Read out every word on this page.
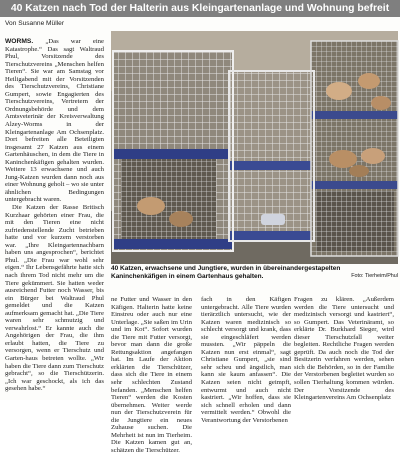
40 Katzen nach Tod der Halterin aus Kleingartenanlage und Wohnung befreit
Von Susanne Müller

WORMS. „Das war eine Katastrophe.“ Das sagt Waltraud Phul, Vorsitzende des Tierschutzvereins „Menschen helfen Tieren“. Sie war am Samstag vor Heiligabend mit der Vorsitzenden des Tierschutzvereins, Christiane Gumpert, sowie Engagierten des Tierschutzvereins, Vertretern der Ordnungsbehörde und dem Amtsveterinär der Kreisverwaltung Alzey-Worms in der Kleingartenanlage Am Ochsenplatz. Dort befreiten alle Beteiligten insgesamt 27 Katzen aus einem Gartenhäuschen, in dem die Tiere in Kaninchenkäfigen gehalten wurden. Weitere 13 erwachsene und auch Jung-Katzen wurden dann noch aus einer Wohnung geholt – wo sie unter ähnlichen Bedingungen untergebracht waren.

Die Katzen der Rasse Britisch Kurzhaar gehörten einer Frau, die mit den Tieren eine nicht zufriedenstellende Zucht betrieben hatte und vor kurzem verstorben war. „Ihre Kleingartennachbarn haben uns angesprochen“, berichtet Phul. „Die Frau war wohl sehr eigen.“ Ihr Lebensgefährte hatte sich nach ihrem Tod nicht mehr um die Tiere gekümmert. Sie hatten weder ausreichend Futter noch Wasser, bis ein Bürger bei Waltraud Phul gemeldet und die Katzen aufmerksam gemacht hat. „Die Tiere waren sehr schmutzig und verwahrlost.“ Er kannte auch die Angehörigen der Frau, die ihm erlaubt hatten, die Tiere zu versorgen, wenn er Tierschutz und Garten-haus betreten wollte. „Wir haben die Tiere dann zum Tierschutz gebracht“, so die Tierschützerin. „Ich war geschockt, als ich das gesehen habe.“

40 Katzen, erwachsene und Jungtiere, wurden in übereinandergestapelten Kaninchenkäfigen in einem Gartenhaus gehalten.	Foto: Tierheim/Phul

ne Futter und Wasser in den Käfigen. Halterin hatte keine Einstreu oder auch nur eine Unterlage. „Sie saßen im Urin und im Kot“. Sofort wurden die Tiere mit Futter versorgt, bevor man dann die große Rettungsaktion angefangen hat. Im Laufe der Aktion erklärten die Tierschützer, dass sich die Tiere in einem sehr schlechten Zustand befanden. „Menschen helfen Tieren“ werden die Kosten übernehmen. Weiter werde nun der Tierschutzverein für die Jungtiere ein neues Zuhause suchen. Die Mehrheit ist nun im Tierheim. Die Katzen kamen gut an, schätzen die Tierschützer.

fach in den Käfigen untergebracht. Alle Tiere wurden tierärztlich untersucht, wie der Katzen waren medizinisch so schlecht versorgt und krank, dass sie eingeschläfert werden mussten. „Wir päppeln die Katzen nun erst einmal“, sagt Christiane Gumpert, „sie sind sehr scheu und ängstlich, man kann sie kaum anfassen“. Die Katzen seien nicht geimpft, entwurmt und auch nicht kastriert. „Wir hoffen, dass sie sich schnell erholen und dann vermittelt werden.“ Obwohl die Verantwortung der Verstorbenen

Fragen zu klären. „Außerdem werden die Tiere untersucht und medizinisch versorgt und kastriert“, so Gumpert. Das Veterinäramt, so erklärte Dr. Burkhard Sieger, wird dieser Tierschutzfall weiter begleiten. Rechtliche Fragen werden geprüft. Da auch noch die Tod der Besitzerin verfahren werden, sehen sich die Behörden, so in der Familie der Verstorbenen begleitet wurden so sollen Tierhaltung kommen würden. Der Vorsitzende des Kleingartenvereins Am Ochsenplatz
